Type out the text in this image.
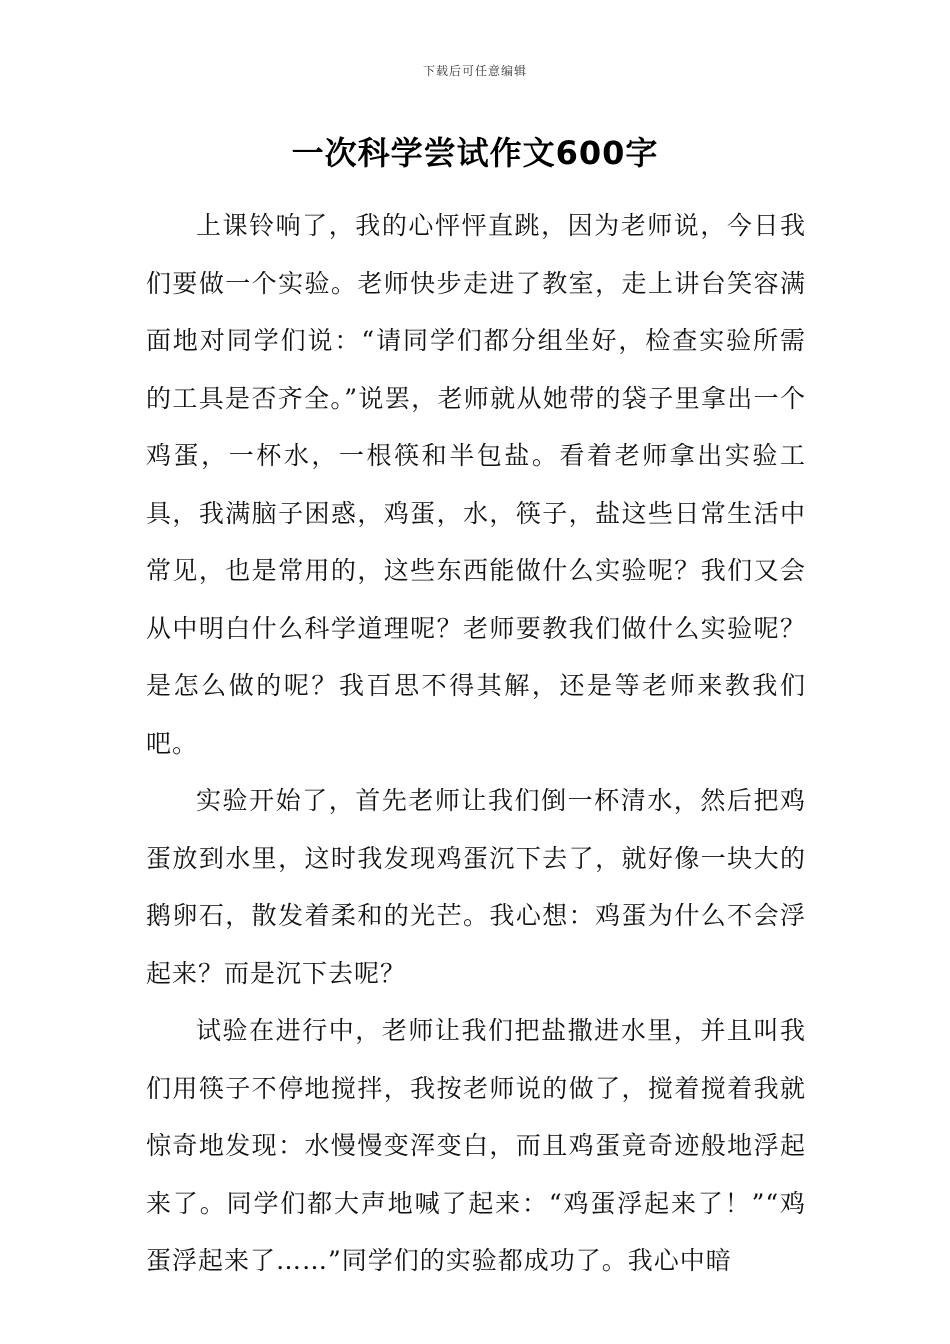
下载后可任意编辑
一次科学尝试作文600字

上课铃响了，我的心怦怦直跳，因为老师说，今日我们要做一个实验。老师快步走进了教室，走上讲台笑容满面地对同学们说：“请同学们都分组坐好，检查实验所需的工具是否齐全。”说罢，老师就从她带的袋子里拿出一个鸡蛋，一杯水，一根筷和半包盐。看着老师拿出实验工具，我满脑子困惑，鸡蛋，水，筷子，盐这些日常生活中常见，也是常用的，这些东西能做什么实验呢？我们又会从中明白什么科学道理呢？老师要教我们做什么实验呢？是怎么做的呢？我百思不得其解，还是等老师来教我们吧。

实验开始了，首先老师让我们倒一杯清水，然后把鸡蛋放到水里，这时我发现鸡蛋沉下去了，就好像一块大的鹅卵石，散发着柔和的光芒。我心想：鸡蛋为什么不会浮起来？而是沉下去呢？

试验在进行中，老师让我们把盐撒进水里，并且叫我们用筷子不停地搅拌，我按老师说的做了，搅着搅着我就惊奇地发现：水慢慢变浑变白，而且鸡蛋竟奇迹般地浮起来了。同学们都大声地喊了起来：“鸡蛋浮起来了！”“鸡蛋浮起来了……”同学们的实验都成功了。我心中暗
